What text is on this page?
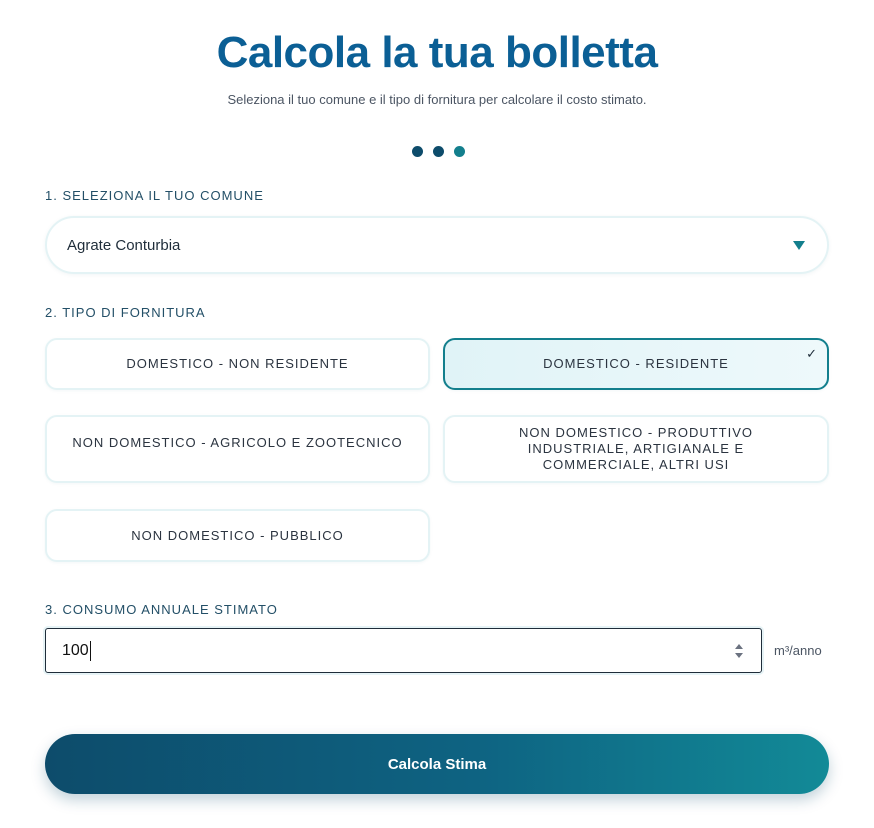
Calcola la tua bolletta
Seleziona il tuo comune e il tipo di fornitura per calcolare il costo stimato.
1. SELEZIONA IL TUO COMUNE
Agrate Conturbia
2. TIPO DI FORNITURA
DOMESTICO - NON RESIDENTE	DOMESTICO - RESIDENTE
✓
NON DOMESTICO - AGRICOLO E ZOOTECNICO
NON DOMESTICO - PRODUTTIVO INDUSTRIALE, ARTIGIANALE E COMMERCIALE, ALTRI USI
NON DOMESTICO - PUBBLICO
3. CONSUMO ANNUALE STIMATO
100	m³/anno
Calcola Stima
